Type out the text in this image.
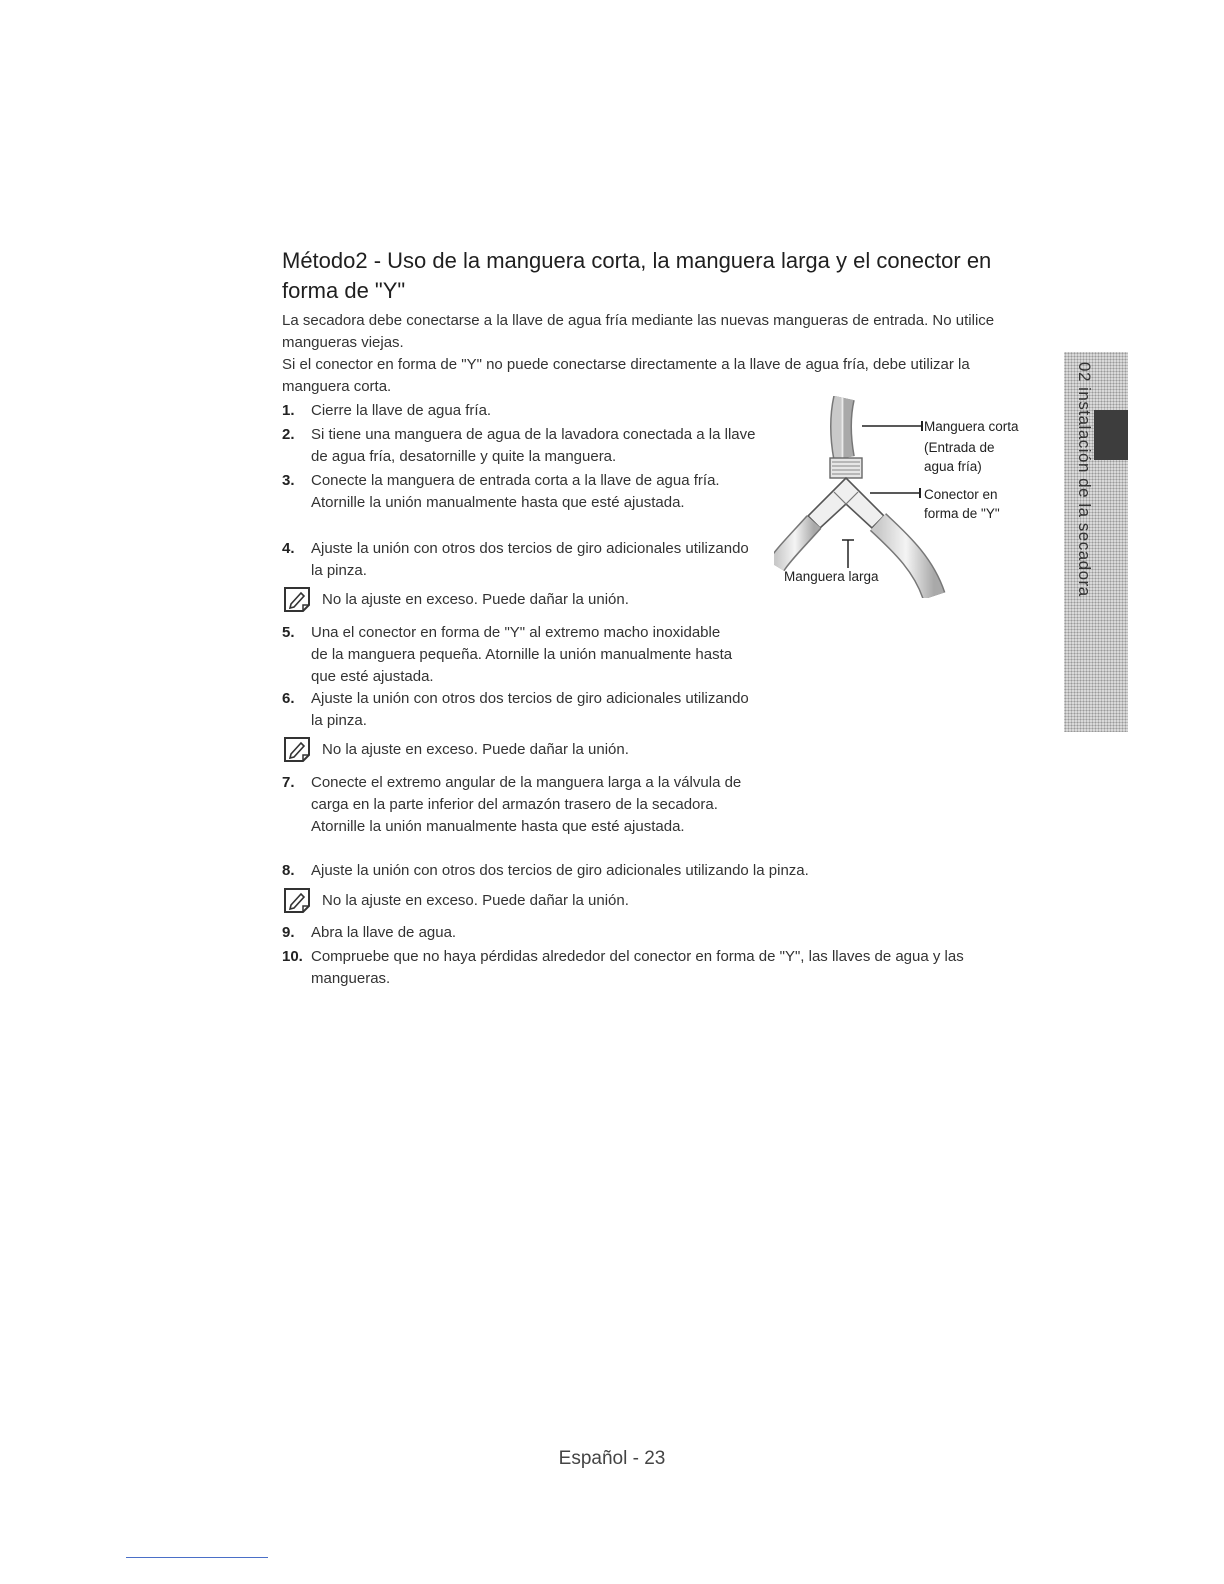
Método2 - Uso de la manguera corta, la manguera larga y el conector en forma de "Y"
La secadora debe conectarse a la llave de agua fría mediante las nuevas mangueras de entrada. No utilice mangueras viejas.
Si el conector en forma de "Y" no puede conectarse directamente a la llave de agua fría, debe utilizar la manguera corta.
1. Cierre la llave de agua fría.
2. Si tiene una manguera de agua de la lavadora conectada a la llave de agua fría, desatornille y quite la manguera.
3. Conecte la manguera de entrada corta a la llave de agua fría. Atornille la unión manualmente hasta que esté ajustada.
4. Ajuste la unión con otros dos tercios de giro adicionales utilizando la pinza.
No la ajuste en exceso. Puede dañar la unión.
5. Una el conector en forma de "Y" al extremo macho inoxidable de la manguera pequeña. Atornille la unión manualmente hasta que esté ajustada.
6. Ajuste la unión con otros dos tercios de giro adicionales utilizando la pinza.
No la ajuste en exceso. Puede dañar la unión.
7. Conecte el extremo angular de la manguera larga a la válvula de carga en la parte inferior del armazón trasero de la secadora. Atornille la unión manualmente hasta que esté ajustada.
8. Ajuste la unión con otros dos tercios de giro adicionales utilizando la pinza.
No la ajuste en exceso. Puede dañar la unión.
9. Abra la llave de agua.
10. Compruebe que no haya pérdidas alrededor del conector en forma de "Y", las llaves de agua y las mangueras.
Manguera corta
(Entrada de
agua fría)
Conector en
forma de "Y"
Manguera larga	02 instalación de la secadora
Español - 23
